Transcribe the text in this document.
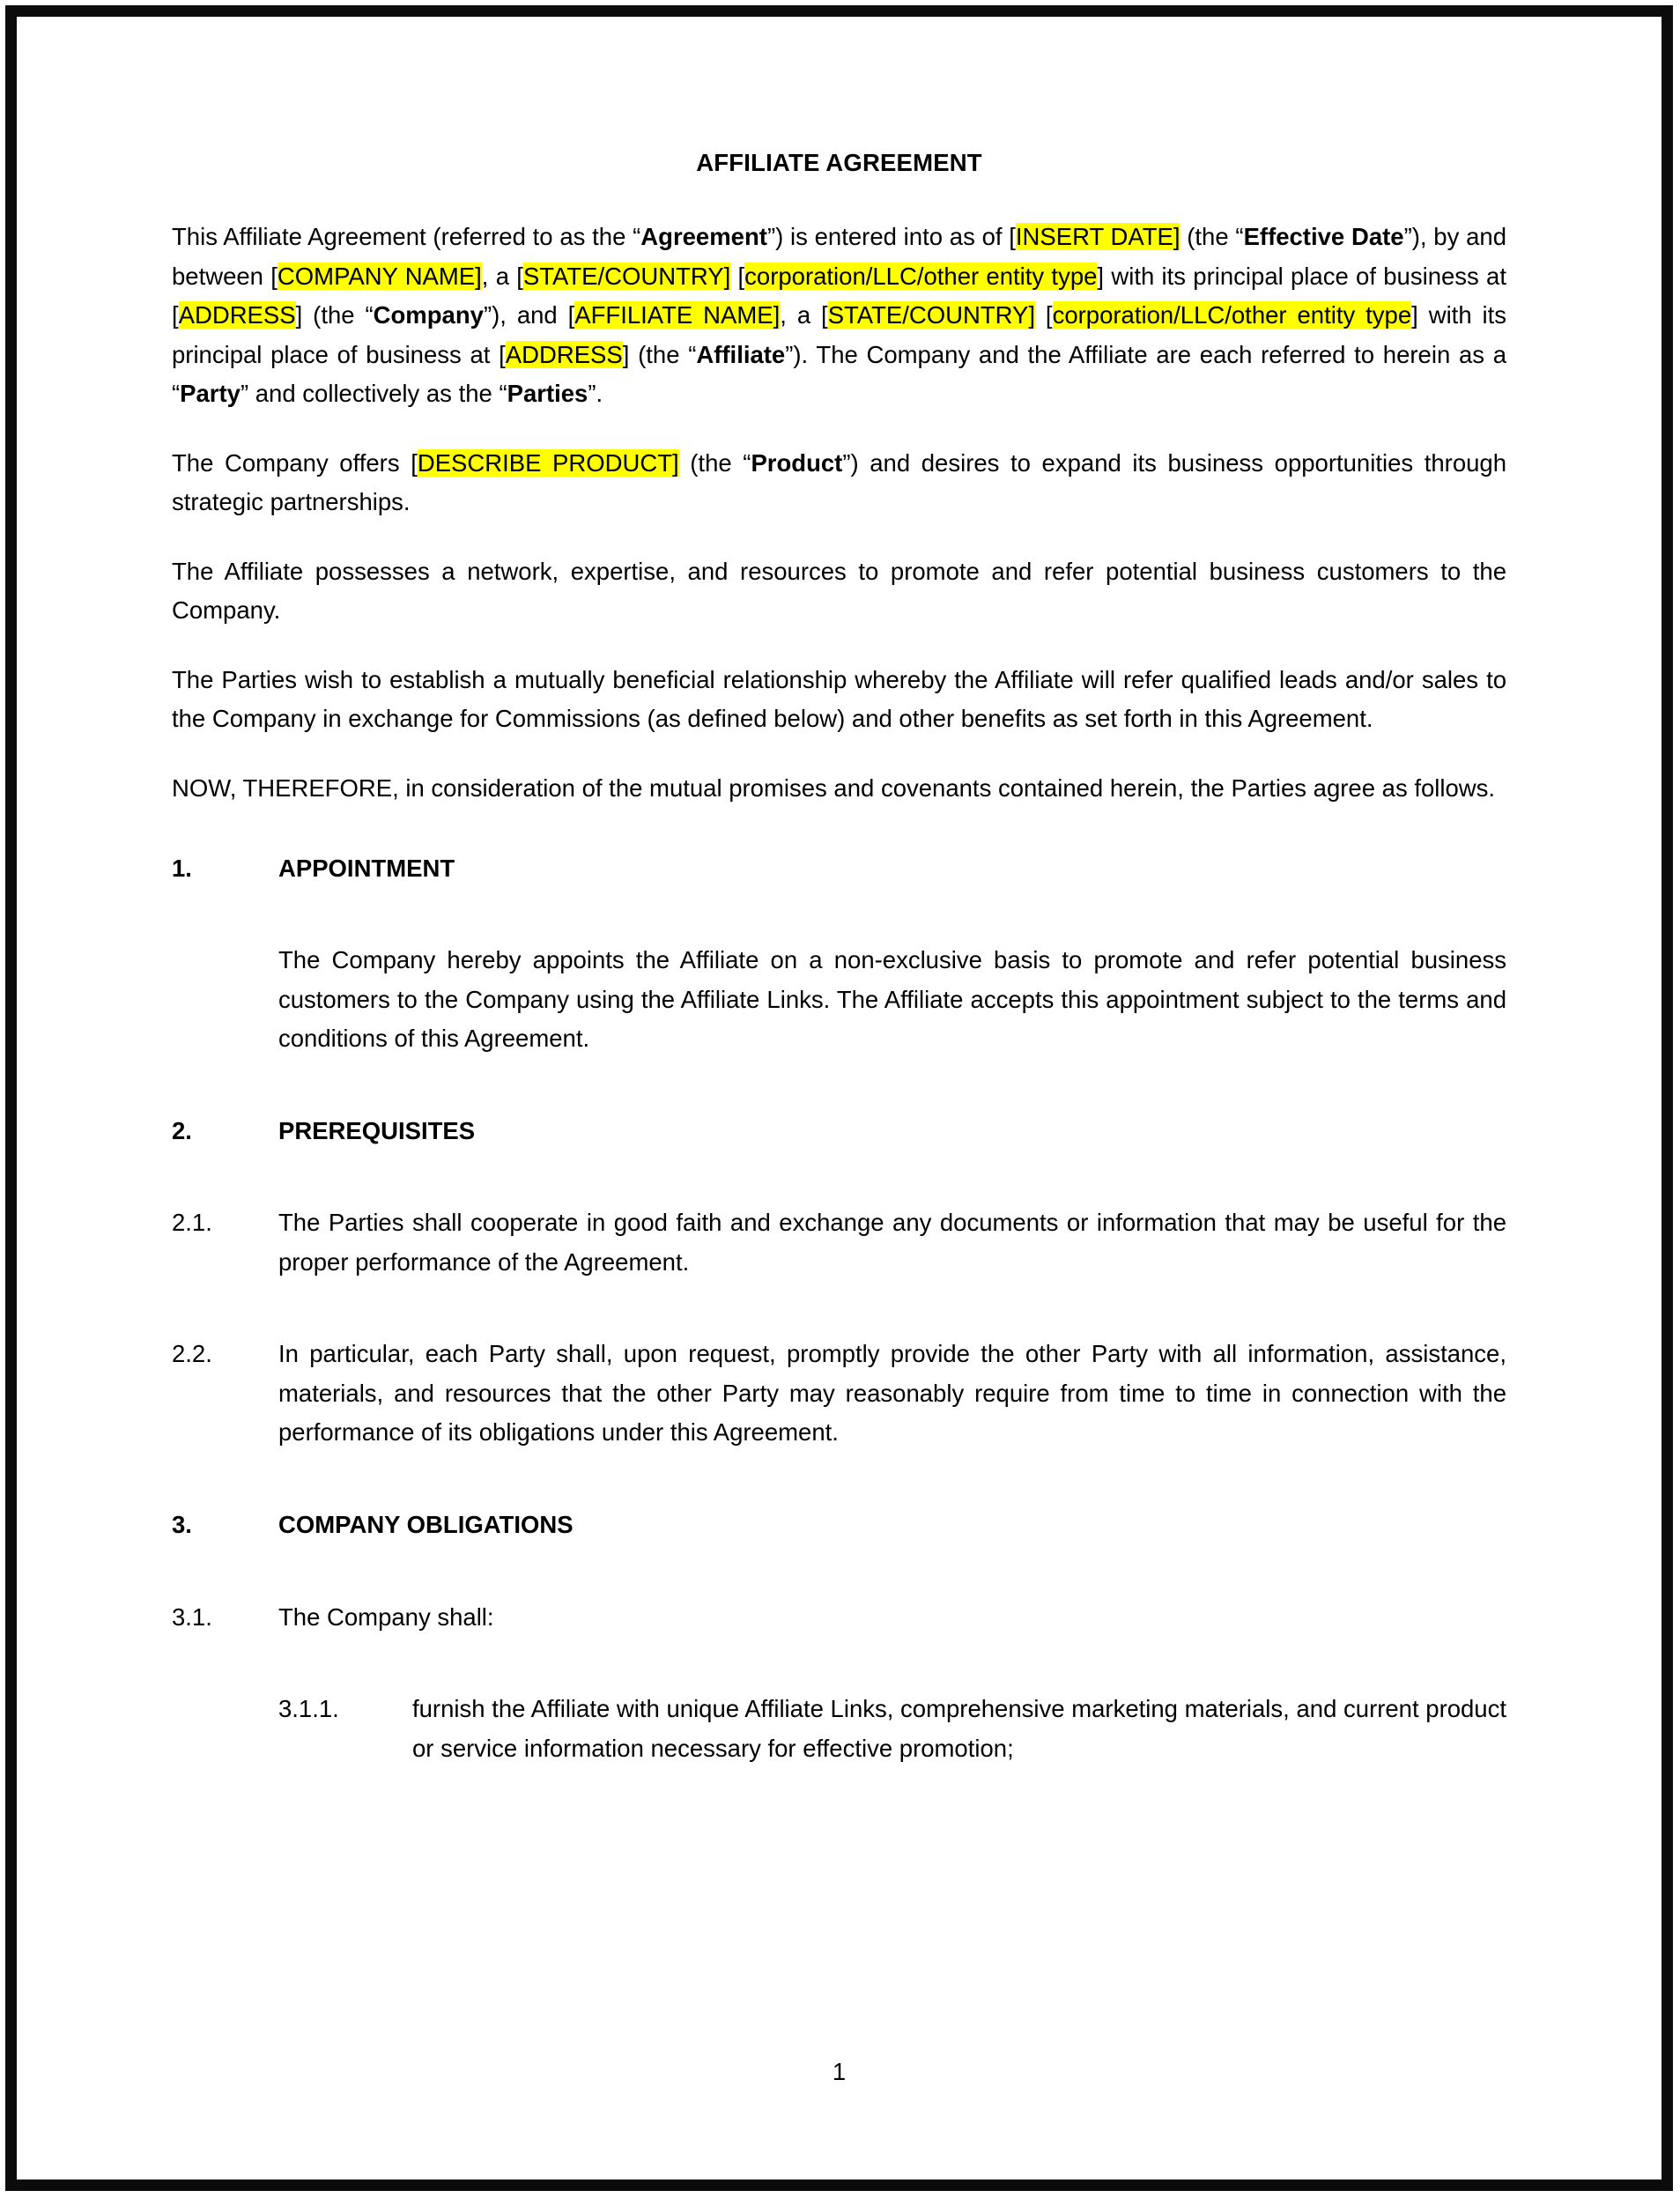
AFFILIATE AGREEMENT

This Affiliate Agreement (referred to as the “Agreement”) is entered into as of [INSERT DATE] (the “Effective Date”), by and between [COMPANY NAME], a [STATE/COUNTRY] [corporation/LLC/other entity type] with its principal place of business at [ADDRESS] (the “Company”), and [AFFILIATE NAME], a [STATE/COUNTRY] [corporation/LLC/other entity type] with its principal place of business at [ADDRESS] (the “Affiliate”). The Company and the Affiliate are each referred to herein as a “Party” and collectively as the “Parties”.

The Company offers [DESCRIBE PRODUCT] (the “Product”) and desires to expand its business opportunities through strategic partnerships.

The Affiliate possesses a network, expertise, and resources to promote and refer potential business customers to the Company.

The Parties wish to establish a mutually beneficial relationship whereby the Affiliate will refer qualified leads and/or sales to the Company in exchange for Commissions (as defined below) and other benefits as set forth in this Agreement.

NOW, THEREFORE, in consideration of the mutual promises and covenants contained herein, the Parties agree as follows.

1.	APPOINTMENT
The Company hereby appoints the Affiliate on a non-exclusive basis to promote and refer potential business customers to the Company using the Affiliate Links. The Affiliate accepts this appointment subject to the terms and conditions of this Agreement.
2.	PREREQUISITES
2.1.	The Parties shall cooperate in good faith and exchange any documents or information that may be useful for the proper performance of the Agreement.
2.2.	In particular, each Party shall, upon request, promptly provide the other Party with all information, assistance, materials, and resources that the other Party may reasonably require from time to time in connection with the performance of its obligations under this Agreement.
3.	COMPANY OBLIGATIONS
3.1.	The Company shall:
3.1.1.	furnish the Affiliate with unique Affiliate Links, comprehensive marketing materials, and current product or service information necessary for effective promotion;
1
